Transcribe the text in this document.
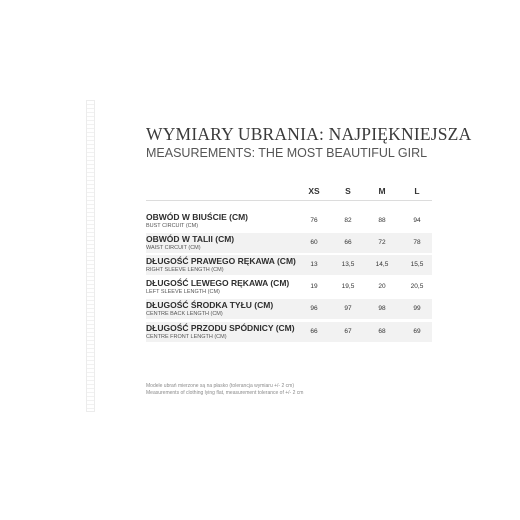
WYMIARY UBRANIA: NAJPIĘKNIEJSZA
MEASUREMENTS: THE MOST BEAUTIFUL GIRL
XS	S	M	L
OBWÓD W BIUŚCIE (CM)
BUST CIRCUIT (CM)
76	82	88	94
OBWÓD W TALII (CM)
WAIST CIRCUIT (CM)
60	66	72	78
DŁUGOŚĆ PRAWEGO RĘKAWA (CM)
RIGHT SLEEVE LENGTH (CM)
13	13,5	14,5	15,5
DŁUGOŚĆ LEWEGO RĘKAWA (CM)
LEFT SLEEVE LENGTH (CM)
19	19,5	20	20,5
DŁUGOŚĆ ŚRODKA TYŁU (CM)
CENTRE BACK LENGTH (CM)
96	97	98	99
DŁUGOŚĆ PRZODU SPÓDNICY (CM)
CENTRE FRONT LENGTH (CM)
66	67	68	69
Modele ubrań mierzone są na płasko (tolerancja wymiaru +/- 2 cm)
Measurements of clothing lying flat, measurement tolerance of +/- 2 cm
